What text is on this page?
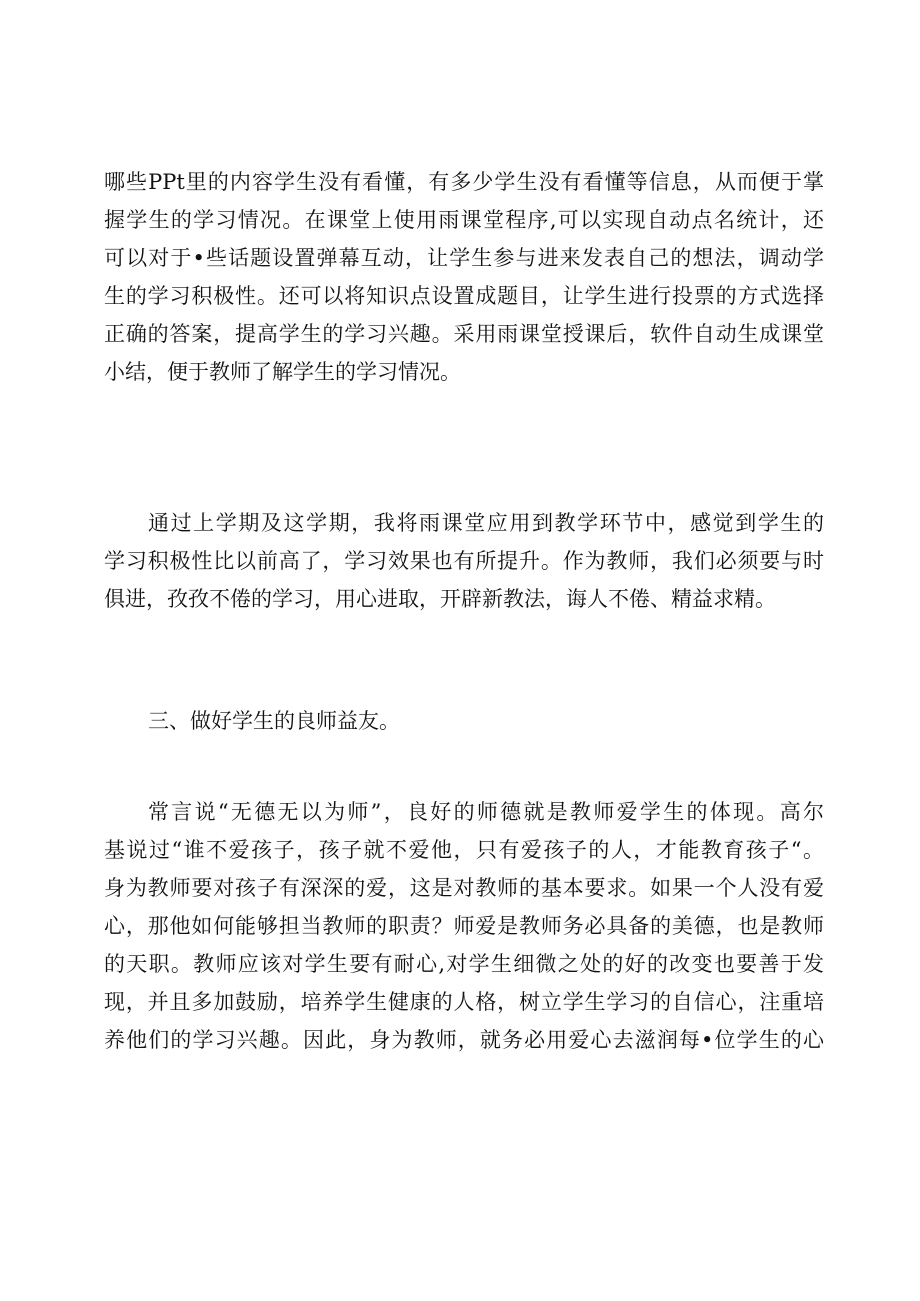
哪些PPt里的内容学生没有看懂，有多少学生没有看懂等信息，从而便于掌
握学生的学习情况。在课堂上使用雨课堂程序,可以实现自动点名统计，还
可以对于•些话题设置弹幕互动，让学生参与进来发表自己的想法，调动学
生的学习积极性。还可以将知识点设置成题目，让学生进行投票的方式选择
正确的答案，提高学生的学习兴趣。采用雨课堂授课后，软件自动生成课堂
小结，便于教师了解学生的学习情况。
通过上学期及这学期，我将雨课堂应用到教学环节中，感觉到学生的
学习积极性比以前高了，学习效果也有所提升。作为教师，我们必须要与时
俱进，孜孜不倦的学习，用心进取，开辟新教法，诲人不倦、精益求精。
三、做好学生的良师益友。
常言说“无德无以为师”，良好的师德就是教师爱学生的体现。高尔
基说过“谁不爱孩子，孩子就不爱他，只有爱孩子的人，才能教育孩子“。
身为教师要对孩子有深深的爱，这是对教师的基本要求。如果一个人没有爱
心，那他如何能够担当教师的职责？师爱是教师务必具备的美德，也是教师
的天职。教师应该对学生要有耐心,对学生细微之处的好的改变也要善于发
现，并且多加鼓励，培养学生健康的人格，树立学生学习的自信心，注重培
养他们的学习兴趣。因此，身为教师，就务必用爱心去滋润每•位学生的心
